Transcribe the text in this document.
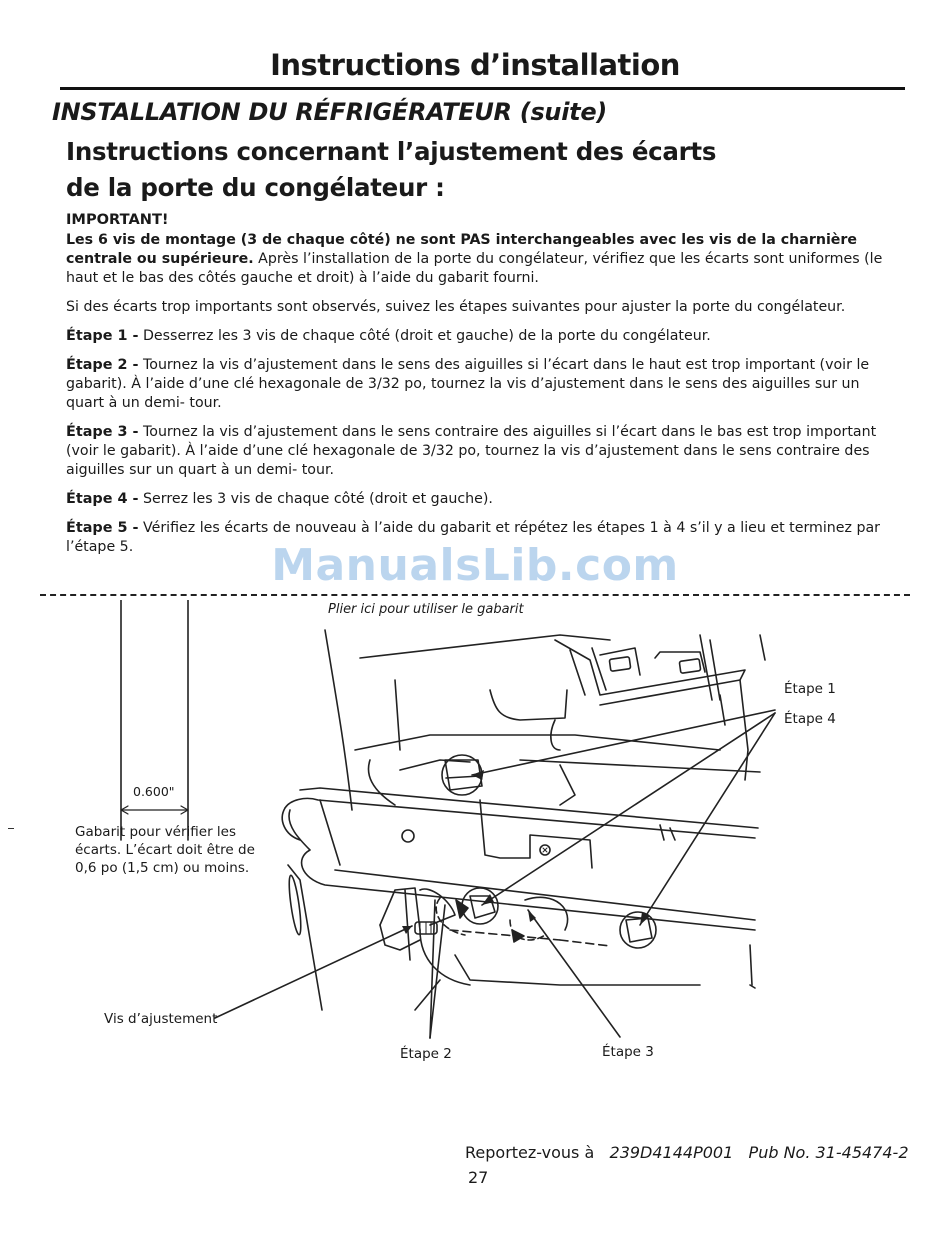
Instructions d’installation
INSTALLATION DU RÉFRIGÉRATEUR (suite)
Instructions concernant l’ajustement des écarts
de la porte du congélateur :

IMPORTANT!
Les 6 vis de montage (3 de chaque côté) ne sont PAS interchangeables avec les vis de la charnière centrale ou supérieure. Après l’installation de la porte du congélateur, vérifiez que les écarts sont uniformes (le haut et le bas des côtés gauche et droit) à l’aide du gabarit fourni.

Si des écarts trop importants sont observés, suivez les étapes suivantes pour ajuster la porte du congélateur.

Étape 1 - Desserrez les 3 vis de chaque côté (droit et gauche) de la porte du congélateur.

Étape 2 - Tournez la vis d’ajustement dans le sens des aiguilles si l’écart dans le haut est trop important (voir le gabarit). À l’aide d’une clé hexagonale de 3/32 po, tournez la vis d’ajustement dans le sens des aiguilles sur un quart à un demi- tour.

Étape 3 - Tournez la vis d’ajustement dans le sens contraire des aiguilles si l’écart dans le bas est trop important (voir le gabarit). À l’aide d’une clé hexagonale de 3/32 po, tournez la vis d’ajustement dans le sens contraire des aiguilles sur un quart à un demi- tour.

Étape 4 - Serrez les 3 vis de chaque côté (droit et gauche).

Étape 5 - Vérifiez les écarts de nouveau à l’aide du gabarit et répétez les étapes 1 à 4 s’il y a lieu et terminez par l’étape 5.	ManualsLib.com
Plier ici pour utiliser le gabarit
0.600"
Gabarit pour vérifier les écarts. L’écart doit être de 0,6 po (1,5 cm) ou moins.
Étape 1
Étape 4
Vis d’ajustement
Étape 2	Étape 3
Reportez-vous à 239D4144P001 Pub No. 31-45474-2
27
